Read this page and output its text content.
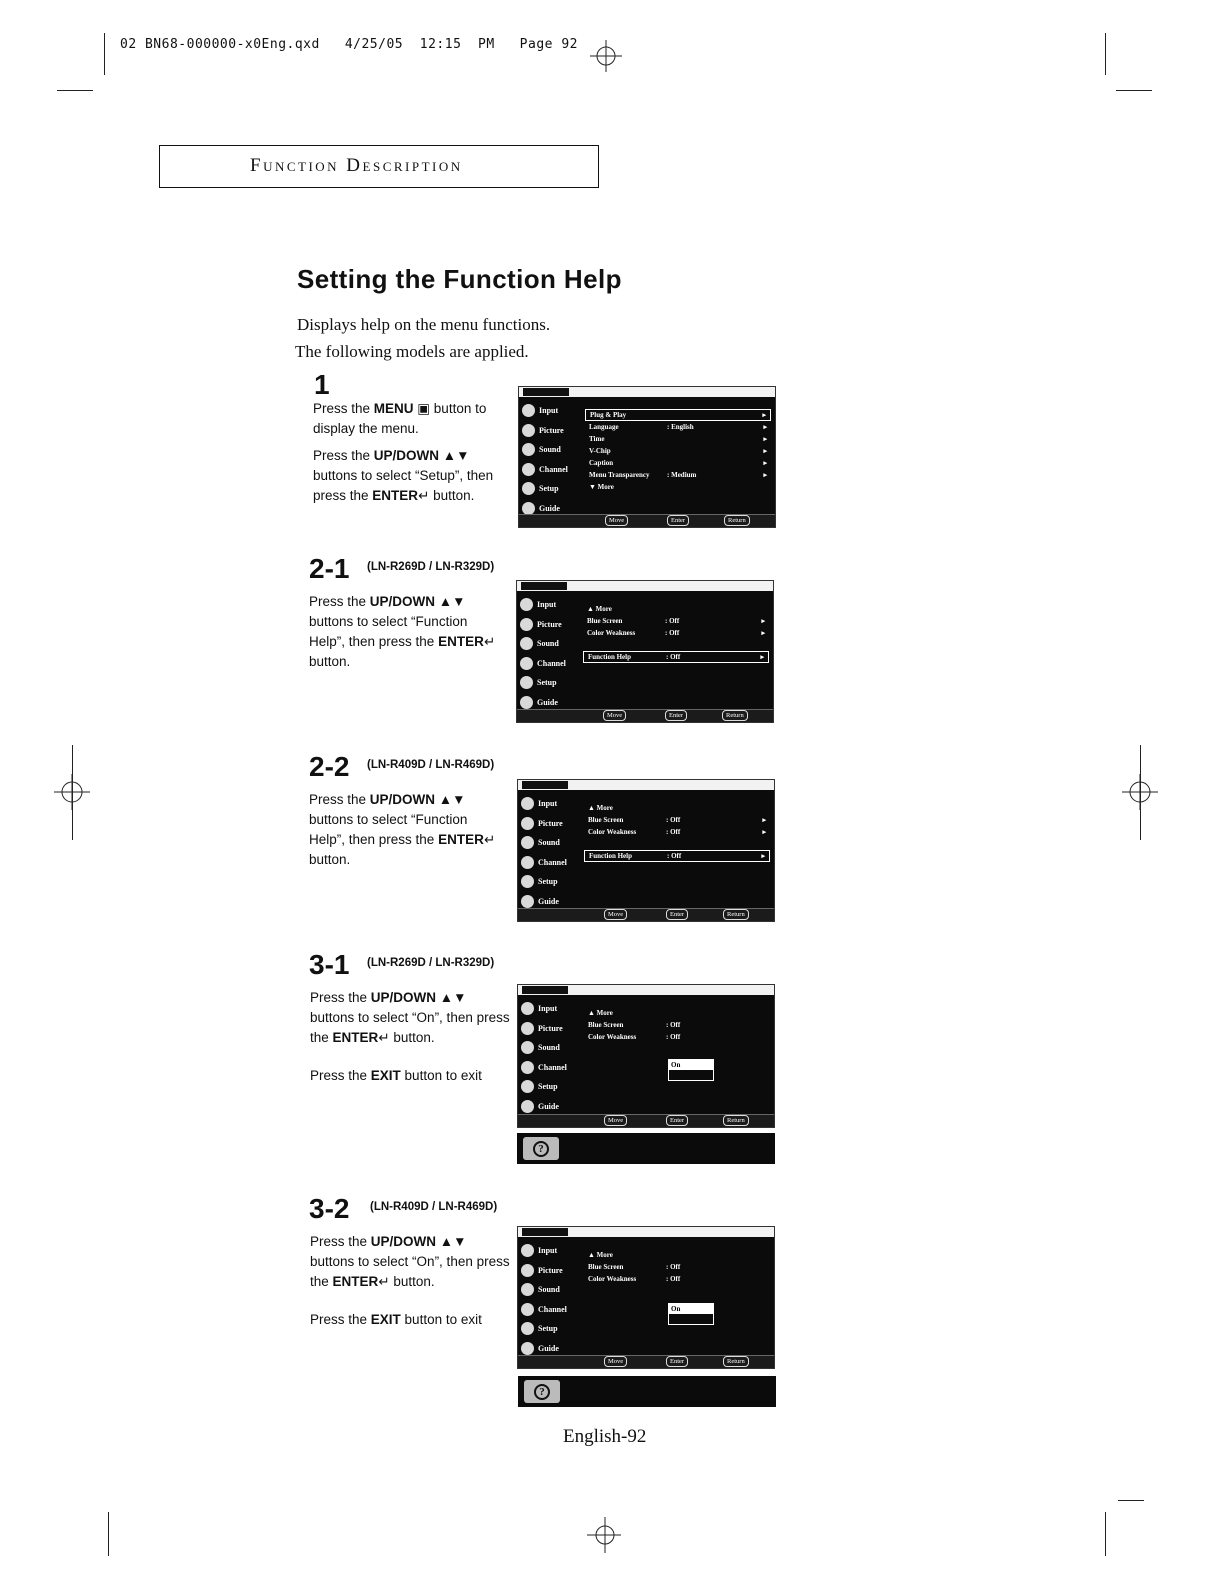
02 BN68-000000-x0Eng.qxd   4/25/05  12:15  PM   Page 92
Function Description
Setting the Function Help
Displays help on the menu functions.
The following models are applied.
1
Press the MENU ▣ button to display the menu.
Press the UP/DOWN ▲▼ buttons to select “Setup”, then press the ENTER↵ button.
Input
Picture
Sound
Channel
Setup
Guide
Plug & Play	▸
Language	: English	▸
Time	▸
V-Chip	▸
Caption	▸
Menu Transparency	: Medium	▸
▼ More
Move	Enter	Return
2-1 (LN-R269D / LN-R329D)
Press the UP/DOWN ▲▼ buttons to select “Function Help”, then press the ENTER↵ button.
Input
Picture
Sound
Channel
Setup
Guide
▲ More
Blue Screen	: Off	▸
Color Weakness	: Off	▸
Function Help	: Off	▸
Move	Enter	Return
2-2 (LN-R409D / LN-R469D)
Press the UP/DOWN ▲▼ buttons to select “Function Help”, then press the ENTER↵ button.
Input
Picture
Sound
Channel
Setup
Guide
▲ More
Blue Screen	: Off	▸
Color Weakness	: Off	▸
Function Help	: Off	▸
Move	Enter	Return
3-1 (LN-R269D / LN-R329D)
Press the UP/DOWN ▲▼ buttons to select “On”, then press the ENTER↵ button.
Press the EXIT button to exit
Input
Picture
Sound
Channel
Setup
Guide
▲ More
Blue Screen	: Off
Color Weakness	: Off
On
Move	Enter	Return
?
3-2 (LN-R409D / LN-R469D)
Press the UP/DOWN ▲▼ buttons to select “On”, then press the ENTER↵ button.
Press the EXIT button to exit
Input
Picture
Sound
Channel
Setup
Guide
▲ More
Blue Screen	: Off
Color Weakness	: Off
On
Move	Enter	Return
?
English-92
